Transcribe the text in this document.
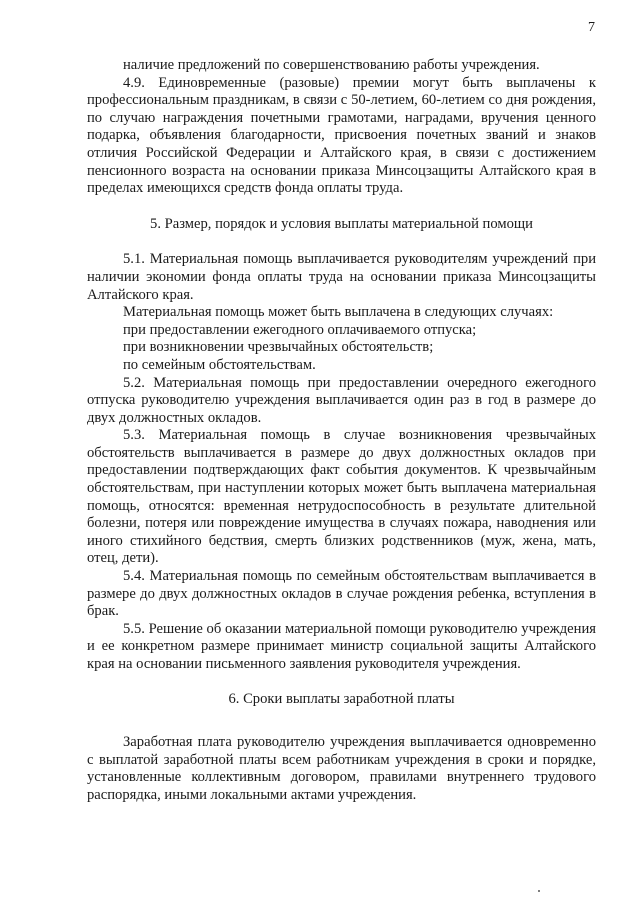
7

наличие предложений по совершенствованию работы учреждения.

4.9. Единовременные (разовые) премии могут быть выплачены к профессиональным праздникам, в связи с 50-летием, 60-летием со дня рождения, по случаю награждения почетными грамотами, наградами, вручения ценного подарка, объявления благодарности, присвоения почетных званий и знаков отличия Российской Федерации и Алтайского края, в связи с достижением пенсионного возраста на основании приказа Минсоцзащиты Алтайского края в пределах имеющихся средств фонда оплаты труда.

5. Размер, порядок и условия выплаты материальной помощи

5.1. Материальная помощь выплачивается руководителям учреждений при наличии экономии фонда оплаты труда на основании приказа Минсоцзащиты Алтайского края.

Материальная помощь может быть выплачена в следующих случаях:

при предоставлении ежегодного оплачиваемого отпуска;

при возникновении чрезвычайных обстоятельств;

по семейным обстоятельствам.

5.2. Материальная помощь при предоставлении очередного ежегодного отпуска руководителю учреждения выплачивается один раз в год в размере до двух должностных окладов.

5.3. Материальная помощь в случае возникновения чрезвычайных обстоятельств выплачивается в размере до двух должностных окладов при предоставлении подтверждающих факт события документов. К чрезвычайным обстоятельствам, при наступлении которых может быть выплачена материальная помощь, относятся: временная нетрудоспособность в результате длительной болезни, потеря или повреждение имущества в случаях пожара, наводнения или иного стихийного бедствия, смерть близких родственников (муж, жена, мать, отец, дети).

5.4. Материальная помощь по семейным обстоятельствам выплачивается в размере до двух должностных окладов в случае рождения ребенка, вступления в брак.

5.5. Решение об оказании материальной помощи руководителю учреждения и ее конкретном размере принимает министр социальной защиты Алтайского края на основании письменного заявления руководителя учреждения.

6. Сроки выплаты заработной платы

Заработная плата руководителю учреждения выплачивается одновременно с выплатой заработной платы всем работникам учреждения в сроки и порядке, установленные коллективным договором, правилами внутреннего трудового распорядка, иными локальными актами учреждения.
